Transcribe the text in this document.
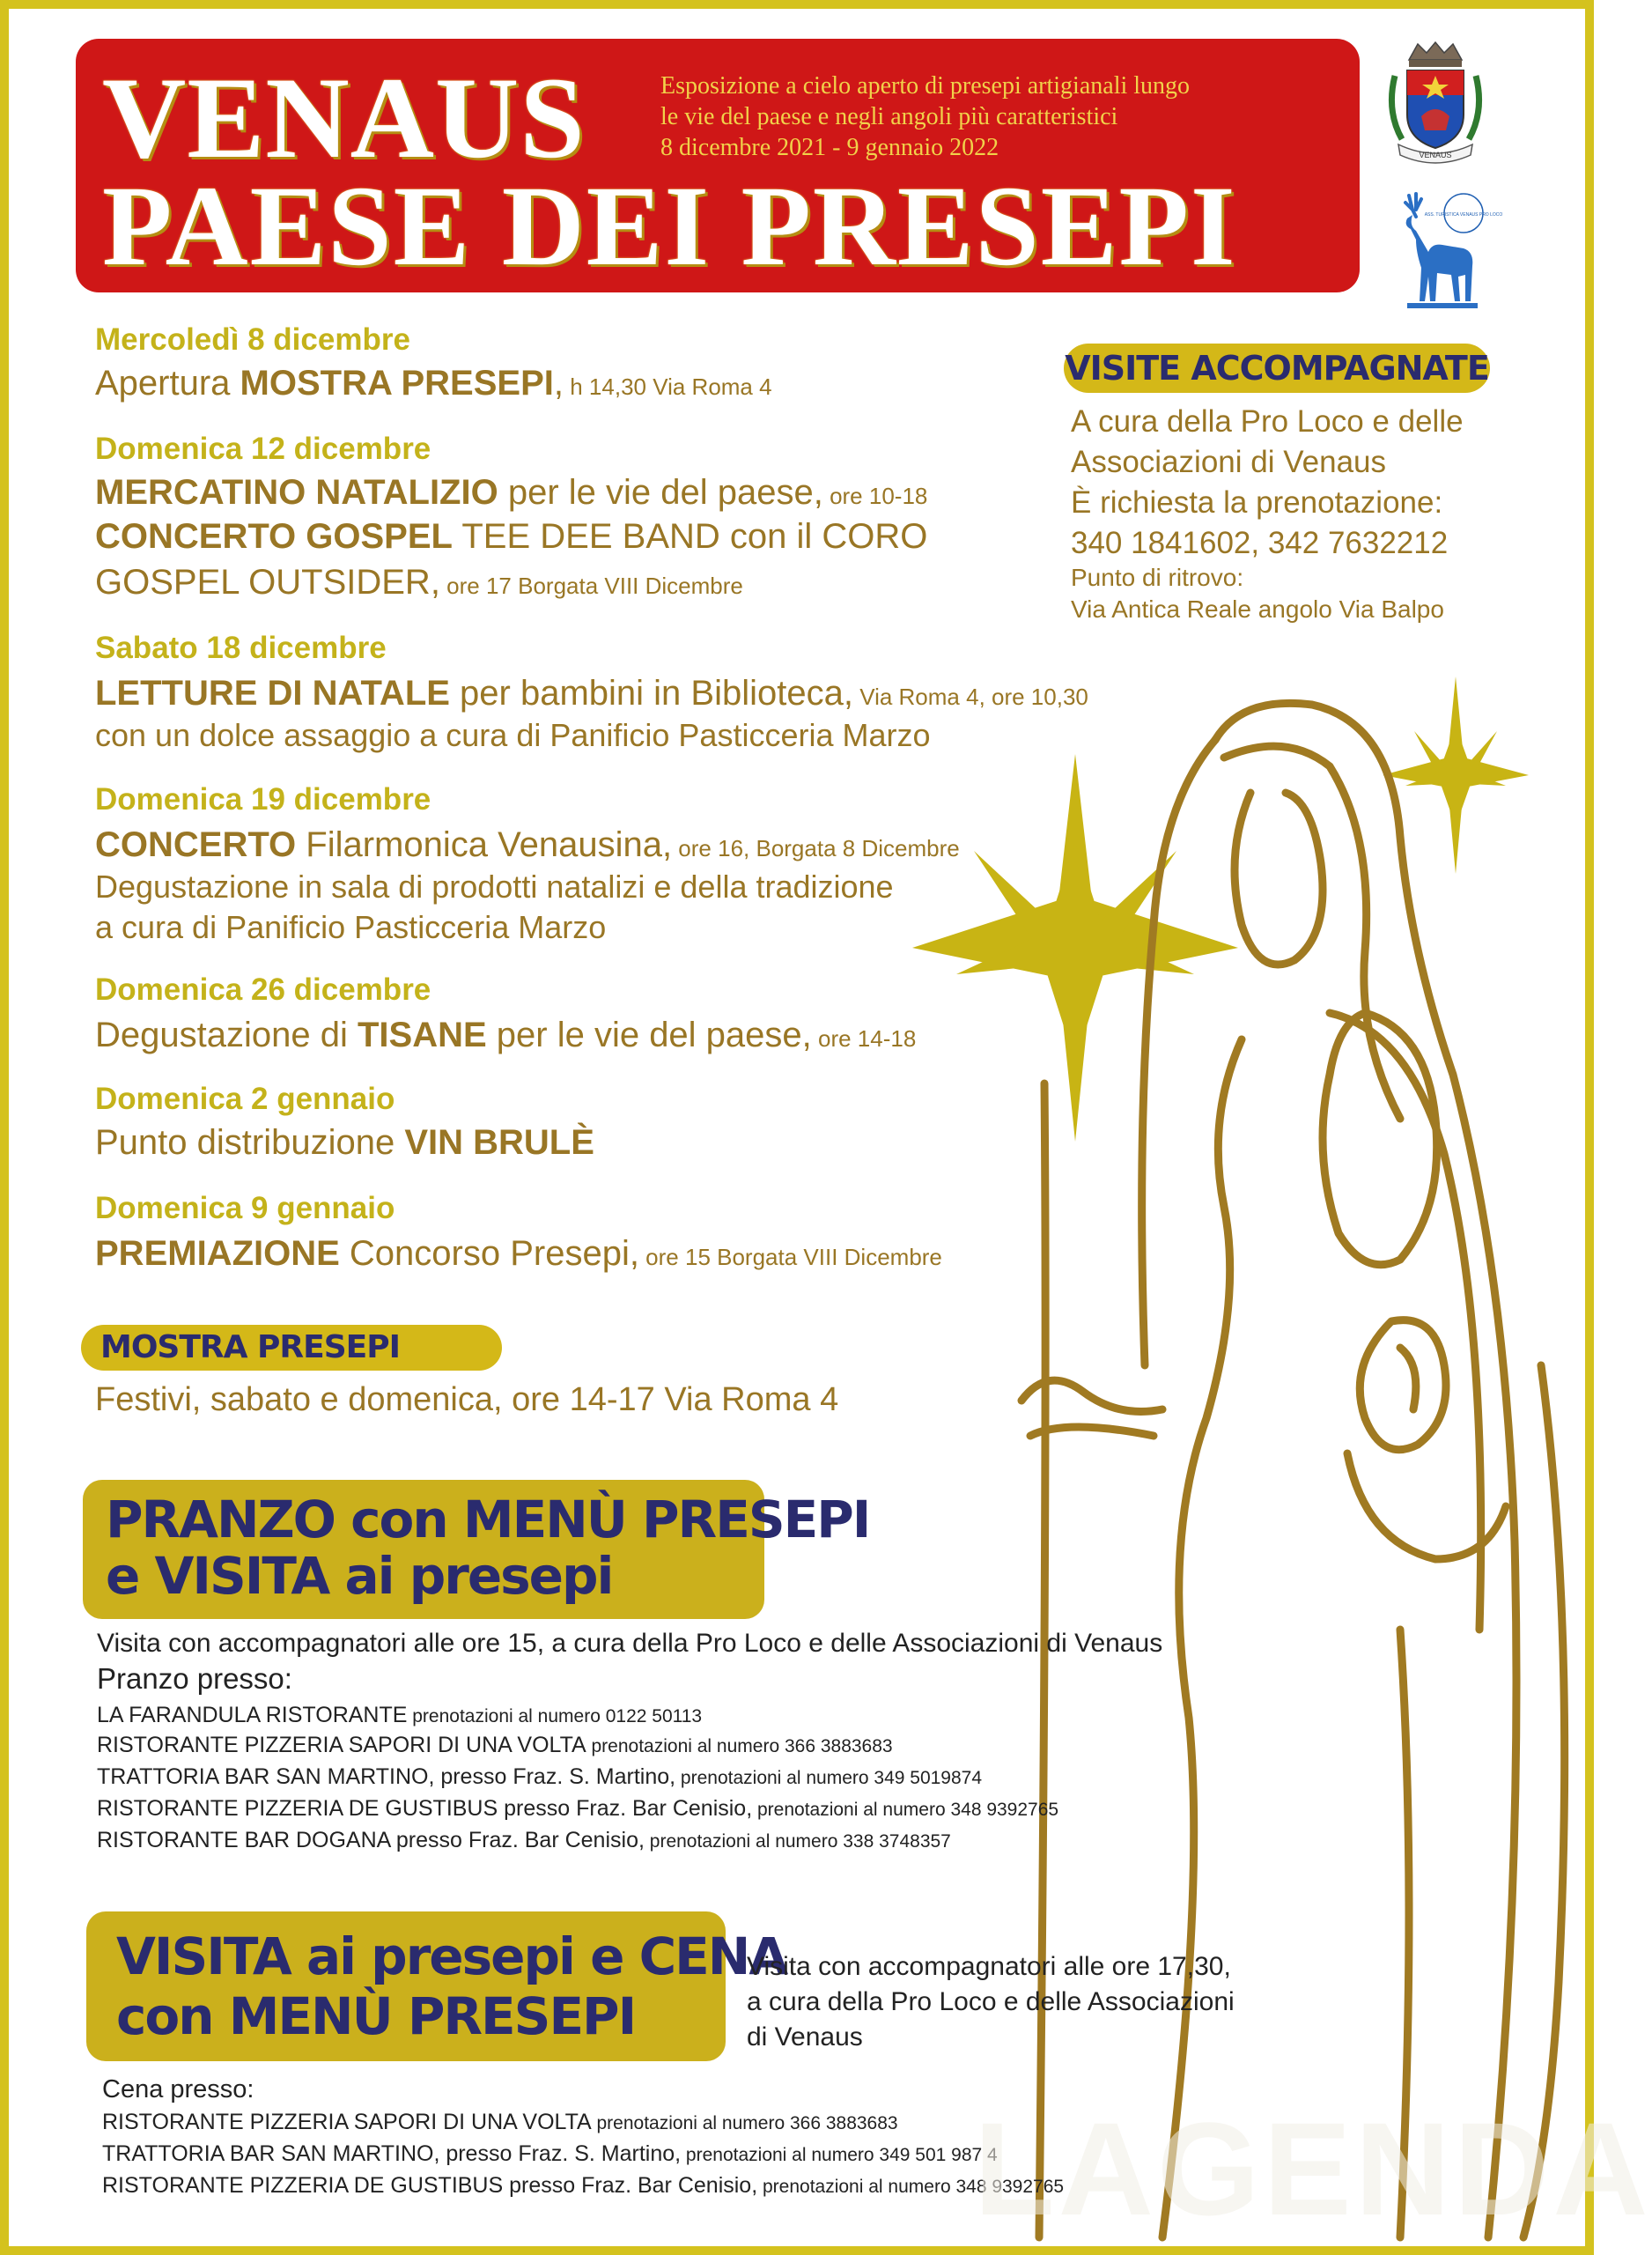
VENAUS
PAESE DEI PRESEPI
Esposizione a cielo aperto di presepi artigianali lungo
le vie del paese e negli angoli più caratteristici
8 dicembre 2021 - 9 gennaio 2022	VENAUS
ASS. TURISTICA VENAUS PRO LOCO
Mercoledì 8 dicembre
Apertura MOSTRA PRESEPI, h 14,30 Via Roma 4
Domenica 12 dicembre
MERCATINO NATALIZIO per le vie del paese, ore 10-18
CONCERTO GOSPEL TEE DEE BAND con il CORO
GOSPEL OUTSIDER, ore 17 Borgata VIII Dicembre
Sabato 18 dicembre
LETTURE DI NATALE per bambini in Biblioteca, Via Roma 4, ore 10,30
con un dolce assaggio a cura di Panificio Pasticceria Marzo
Domenica 19 dicembre
CONCERTO Filarmonica Venausina, ore 16, Borgata 8 Dicembre
Degustazione in sala di prodotti natalizi e della tradizione
a cura di Panificio Pasticceria Marzo
Domenica 26 dicembre
Degustazione di TISANE per le vie del paese, ore 14-18
Domenica 2 gennaio
Punto distribuzione VIN BRULÈ
Domenica 9 gennaio
PREMIAZIONE Concorso Presepi, ore 15 Borgata VIII Dicembre
VISITE ACCOMPAGNATE
A cura della Pro Loco e delle
Associazioni di Venaus
È richiesta la prenotazione:
340 1841602, 342 7632212
Punto di ritrovo:
Via Antica Reale angolo Via Balpo
MOSTRA PRESEPI
Festivi, sabato e domenica, ore 14-17 Via Roma 4
PRANZO con MENÙ PRESEPI
e VISITA ai presepi
Visita con accompagnatori alle ore 15, a cura della Pro Loco e delle Associazioni di Venaus
Pranzo presso:
LA FARANDULA RISTORANTE prenotazioni al numero 0122 50113
RISTORANTE PIZZERIA SAPORI DI UNA VOLTA prenotazioni al numero 366 3883683
TRATTORIA BAR SAN MARTINO, presso Fraz. S. Martino, prenotazioni al numero 349 5019874
RISTORANTE PIZZERIA DE GUSTIBUS presso Fraz. Bar Cenisio, prenotazioni al numero 348 9392765
RISTORANTE BAR DOGANA presso Fraz. Bar Cenisio, prenotazioni al numero 338 3748357
VISITA ai presepi e CENA
con MENÙ PRESEPI
Visita con accompagnatori alle ore 17,30,
a cura della Pro Loco e delle Associazioni
di Venaus
Cena presso:
RISTORANTE PIZZERIA SAPORI DI UNA VOLTA prenotazioni al numero 366 3883683
TRATTORIA BAR SAN MARTINO, presso Fraz. S. Martino, prenotazioni al numero 349 501 987 4
RISTORANTE PIZZERIA DE GUSTIBUS presso Fraz. Bar Cenisio, prenotazioni al numero 348 9392765
LAGENDA
